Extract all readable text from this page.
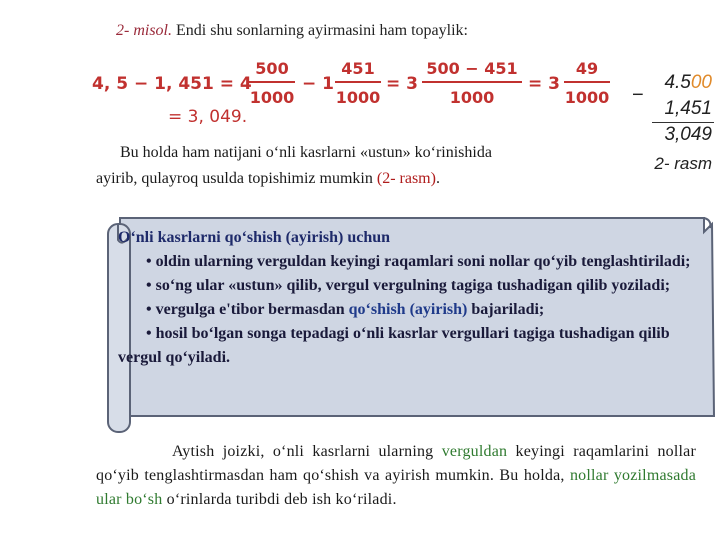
2- misol. Endi shu sonlarning ayirmasini ham topaylik:
4, 5 − 1, 451 = 4
500
1000
− 1
451
1000
= 3
500 − 451
1000
= 3
49
1000
= 3, 049.
4.500
−
1,451
3,049
2- rasm
Bu holda ham natijani o‘nli kasrlarni «ustun» ko‘rinishida
ayirib, qulayroq usulda topishimiz mumkin (2- rasm).
O‘nli kasrlarni qo‘shish (ayirish) uchun
• oldin ularning verguldan keyingi raqamlari soni nollar qo‘yib tenglashtiriladi;
• so‘ng ular «ustun» qilib, vergul vergulning tagiga tushadigan qilib yoziladi;
• vergulga e'tibor bermasdan qo‘shish (ayirish) bajariladi;
• hosil bo‘lgan songa tepadagi o‘nli kasrlar vergullari tagiga tushadigan qilib vergul qo‘yiladi.
Aytish joizki, o‘nli kasrlarni ularning verguldan keyingi raqamlarini nollar qo‘yib tenglashtirmasdan ham qo‘shish va ayirish mumkin. Bu holda, nollar yozilmasada ular bo‘sh o‘rinlarda turibdi deb ish ko‘riladi.
